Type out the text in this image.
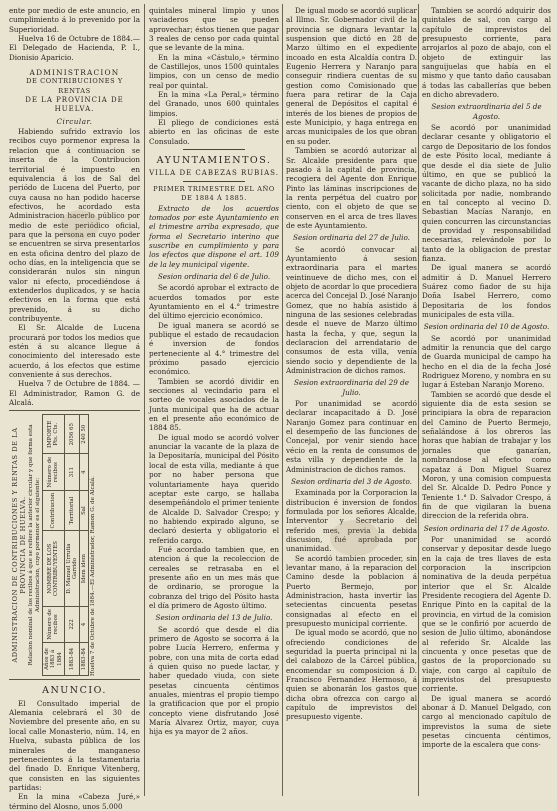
ente por medio de este anuncio, en cumplimiento á lo prevenido por la Superioridad.

Huelva 16 de Octubre de 1884.—El Delegado de Hacienda, P. I., Dionisio Aparicio.

ADMINISTRACION

DE CONTRIBUCIONES Y RENTAS

DE LA PROVINCIA DE HUELVA.

Circular.

Habiendo sufrido extravío los recibos cuyo pormenor expresa la relacion que á continuacion se inserta de la Contribucion territorial é impuesto en equivalencia á los de Sal del periódo de Lucena del Puerto, por cuya causa no han podido hacerse efectivos, he acordado esta Administracion hacerlo público por medio de este periódico oficial, para que la persona en cuyo poder se encuentren se sirva presentarlos en esta oficina dentro del plazo de ocho días, en la inteligencia que se considerarán nulos sin ningun valor ni efecto, procediéndose á extenderlos duplicados, y se hacia efectivos en la forma que está prevenido, á su dicho contribuyente.

El Sr. Alcalde de Lucena procurará por todos los medios que estén á su alcance llegue á conocimiento del interesado este acuerdo, á los efectos que estime conveniente á sus derechos.

Huelva 7 de Octubre de 1884. —El Administrador, Ramon G. de Alcalá.

ADMINISTRACION DE CONTRIBUCIONES Y RENTAS DE LA PROVINCIA DE HUELVA. Relacion nominal de los recibos á que se refiere la anterior circular y que forma esta Administracion, cuyo pormenor es el siguiente:
Años de 1883 á 1884	Número de recibos	NOMBRE DE LOS CONTRIBUYENTES	Contribucion	Número de recibos	IMPORTE Pts. Cts.
1883-84	222	D. Manuel Urrutia Garrido	Territorial	311	2056 65
1883-84	4	Idem idem	Sal	4	240 50
Huelva 7 de Octubre de 1884.—El Administrador, Ramon G. de Alcalá.

ANUNCIO.

El Consultado imperial de Alemania celebrará el 30 de Noviembre del presente año, en su local calle Monasterio, núm. 14, en Huelva, subasta pública de los minerales de manganeso pertenecientes á la testamentaria del finado D. Enrique Vitenberg, que consisten en las siguientes partidas:

En la mina «Cabeza Juré,» término del Alosno, unos 5.000

quintales mineral limpio y unos vaciaderos que se pueden aprovechar; éstos tienen que pagar 3 reales de censo por cada quintal que se levante de la mina.

En la mina «Cástulo,» término de Castillejos, unos 1500 quintales limpios, con un censo de medio real por quintal.

En la mina «La Peral,» término del Granado, unos 600 quintales limpios.

El pliego de condiciones está abierto en las oficinas de este Consulado.

AYUNTAMIENTOS.

VILLA DE CABEZAS RUBIAS.

PRIMER TRIMESTRE DEL AÑO DE 1884 Á 1885.

Extracto de los acuerdos tomados por este Ayuntamiento en el trimestre arriba expresado, que forma el Secretario interino que suscribe en cumplimiento y para los efectos que dispone el art. 109 de la ley municipal vigente.

Sesion ordinaria del 6 de Julio.

Se acordó aprobar el extracto de acuerdos tomados por este Ayuntamiento en el 4.° trimestre del último ejercicio económico.

De igual manera se acordó se publique el estado de recaudacion é inversion de fondos perteneciente al 4.° trimestre del próximo pasado ejercicio económico.

Tambien se acordó dividir en secciones al vecindario para el sorteo de vocales asociados de la Junta municipal que ha de actuar en el presente año económico de 1884 85.

De igual modo se acordó volver anunciar la vacante de la plaza de la Depositaría, municipal del Pósito local de esta villa, mediante á que por no haber persona que voluntariamente haya querido aceptar este cargo, se hallaba desempeñándolo el primer teniente de Alcalde D. Salvador Crespo; y no habiendo expirado alguno, se declaró desierta y obligatorio el referido cargo.

Fué acordado tambien que, en atencion á que la recoleccion de cereales se retrasaba en el presente año en un mes más que de ordinario, se prorogue la cobranza del trigo del Pósito hasta el día primero de Agosto último.

Sesion ordinaria del 13 de Julio.

Se acordó que desde el dia primero de Agosto se socorra á la pobre Lucía Herrero, enferma y pobre, con una mita de corta edad á quien quiso no puede lactar, y haber quedado viuda, con siete pesetas cincuenta céntimos anuales, mientras el propio tiempo la gratificacion que por el propio concepto viene disfrutando José María Alvarez Ortiz, mayor, cuya hija es ya mayor de 2 años.

De igual modo se acordó suplicar al Illmo. Sr. Gobernador civil de la provincia se dignara levantar la suspension que dictó en 28 de Marzo último en el expediente incoado en esta Alcaldía contra D. Eugenio Herrera y Naranjo para conseguir rindiera cuentas de su gestion como Comisionado que fuera para retirar de la Caja general de Depósitos el capital é interés de los bienes de propios de este Municipio, y haga entrega en arcas municipales de los que obran en su poder.

Tambien se acordó autorizar al Sr. Alcalde presidente para que pasado á la capital de provincia, recogiera del Agente don Enrique Pinto las láminas inscripciones de la renta perpétua del cuatro por ciento, con el objeto de que se conserven en el arca de tres llaves de este Ayuntamiento.

Sesion ordinaria del 27 de Julio.

Se acordó convocar al Ayuntamiento á sesion extraordinaria para el martes veintinueve de dicho mes, con el objeto de acordar lo que procediera acerca del Concejal D. José Naranjo Gomez, que no había asistido á ninguna de las sesiones celebradas desde el nueve de Marzo último hasta la fecha, y que, segun la declaracion del arrendatario de consumos de esta villa, venía siendo socio y dependiente de la Administracion de dichos ramos.

Sesion extraordinaria del 29 de Julio.

Por unanimidad se acordó declarar incapacitado á D. José Naranjo Gomez para continuar en el desempeño de las funciones de Concejal, por venir siendo hace vécio en la renta de consumos de esta villa y dependiente de la Administracion de dichos ramos.

Sesion ordinaria del 3 de Agosto.

Examinada por la Corporacion la distribucion é inversion de fondos formulada por los señores Alcalde, Interventor y Secretario del referido mes, previa la debida discusion, fué aprobada por unanimidad.

Se acordó tambien proceder, sin levantar mano, á la reparacion del Camino desde la poblacion á Puerto Bermejo, por Administracion, hasta invertir las setecientas cincuenta pesetas consignadas al efecto en el presupuesto municipal corriente.

De igual modo se acordó, que no ofreciendo condiciones de seguridad la puerta principal ni la del calabozo de la Cárcel pública, encomendar su composicion á D. Francisco Fernandez Hermoso, á quien se abonarán los gastos que dicha obra ofrezca con cargo al capítulo de imprevistos del presupuesto vigente.

Tambien se acordó adquirir dos quintales de sal, con cargo al capítulo de imprevistos del presupuesto corriente, para arrojarlos al pozo de abajo, con el objeto de extinguir las sanguijuelas que había en el mismo y que tanto daño causaban á todas las caballerías que beben en dicho abrevadero.

Sesion extraordinaria del 5 de Agosto.

Se acordó por unanimidad declarar cesante y obligatorio el cargo de Depositario de los fondos de este Pósito local, mediante á que desde el dia siete de Julio último, en que se publicó la vacante de dicho plaza, no ha sido solicitada por nadie, nombrando en tal concepto al vecino D. Sebastian Macías Naranjo, en quien concurren las circunstancias de providad y responsabilidad necesarias, relevándole por lo tanto de la obligacion de prestar fianza.

De igual manera se acordó admitir á D. Manuel Herrero Suárez como fiador de su hija Doña Isabel Herrero, como Depositaria de los fondos municipales de esta villa.

Sesion ordinaria del 10 de Agosto.

Se acordó por unanimidad admitir la renuncia que del cargo de Guarda municipal de campo ha hecho en el dia de la fecha José Rodriguez Moreno, y nombra en su lugar á Esteban Naranjo Moreno.

Tambien se acordó que desde el siguiente dia de esta sesion se principiara la obra de reparacion del Camino de Puerto Bermejo, señalándose á los obreros las horas que habían de trabajar y los jornales que ganarían, nombrandose al efecto como capataz á Don Miguel Suarez Moron, y una comision compuesta del Sr. Alcalde D. Pedro Ponce y Teniente 1.° D. Salvador Crespo, á fin de que vigilaran la buena direccion de la referida obra.

Sesion ordinaria del 17 de Agosto.

Por unanimidad se acordó conservar y depositar desde luego en la caja de tres llaves de esta corporacion la inscripcion nominativa de la deuda perpétua interior que el Sr. Alcalde Presidente recogiera del Agente D. Enrique Pinto en la capital de la provincia, en virtud de la comision que se le confirió por acuerdo de sesion de Julio último, abonándose al referido Sr. Alcalde las cincuenta y once pesetas que de gastos de la proporcionado su viaje, con cargo al capítulo de imprevistos del presupuesto corriente.

De igual manera se acordó abonar á D. Manuel Delgado, con cargo al mencionado capítulo de imprevistos la suma de siete pesetas cincuenta céntimos, importe de la escalera que cons-
